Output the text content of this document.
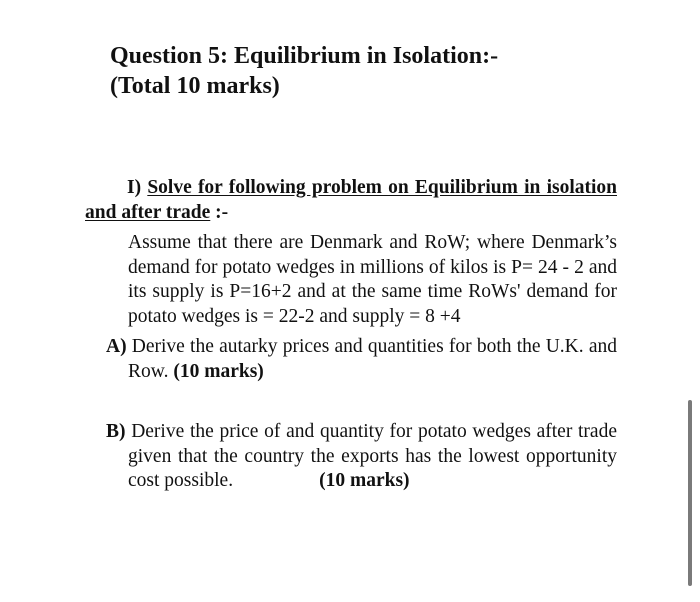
Question 5: Equilibrium in Isolation:-
(Total 10 marks)
I) Solve for following problem on Equilibrium in isolation and after trade :-
Assume that there are Denmark and RoW; where Denmark’s demand for potato wedges in millions of kilos is P= 24 - 2 and its supply is P=16+2 and at the same time RoWs' demand for potato wedges is = 22-2 and supply = 8 +4
A) Derive the autarky prices and quantities for both the U.K. and Row. (10 marks)
B) Derive the price of and quantity for potato wedges after trade given that the country the exports has the lowest opportunity cost possible.	(10 marks)
